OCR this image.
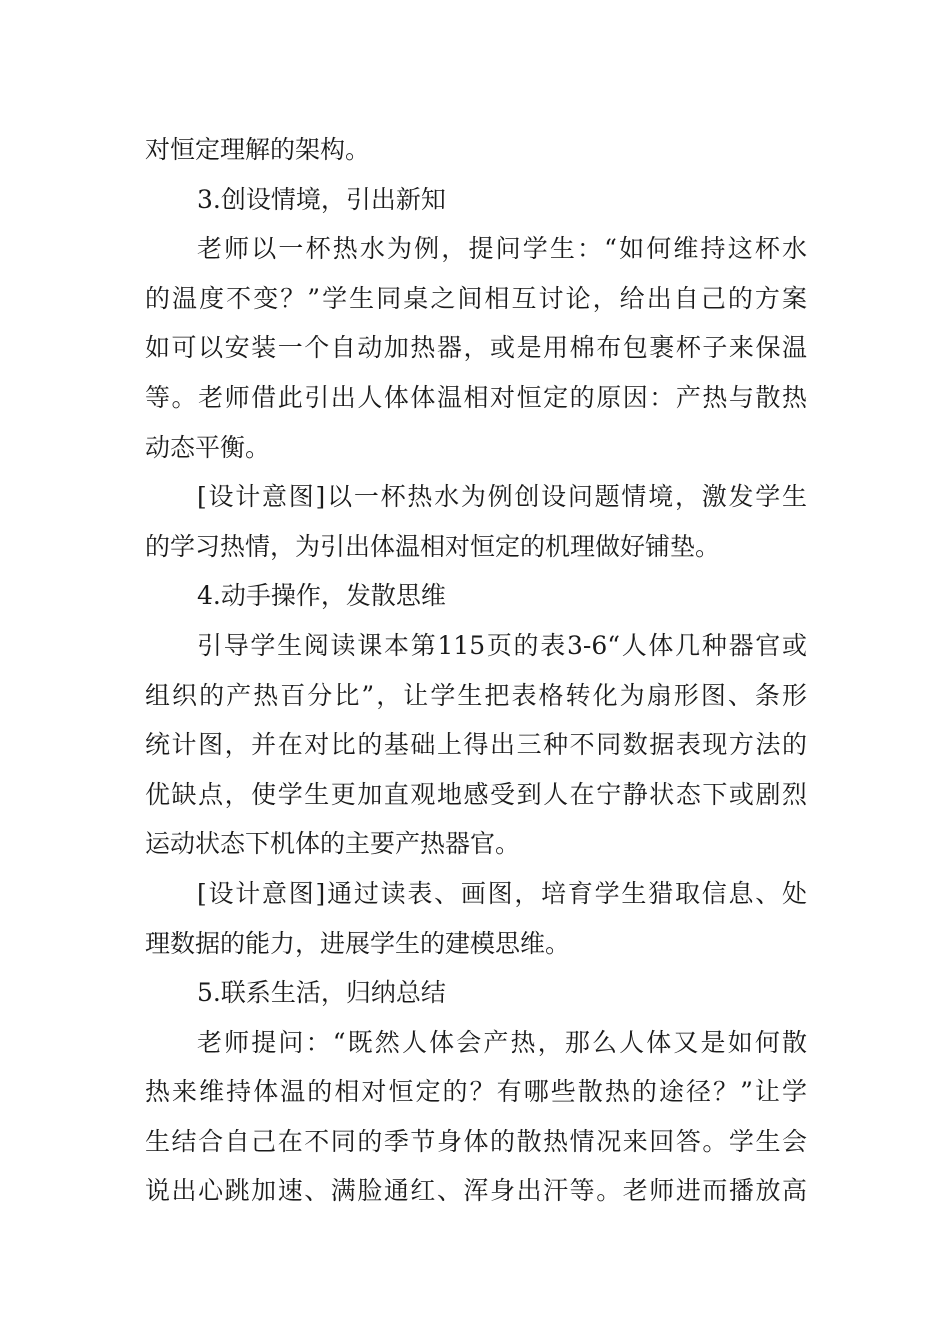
对恒定理解的架构。
3.创设情境，引出新知
老师以一杯热水为例，提问学生：“如何维持这杯水
的温度不变？”学生同桌之间相互讨论，给出自己的方案
如可以安装一个自动加热器，或是用棉布包裹杯子来保温
等。老师借此引出人体体温相对恒定的原因：产热与散热
动态平衡。
[设计意图]以一杯热水为例创设问题情境，激发学生
的学习热情，为引出体温相对恒定的机理做好铺垫。
4.动手操作，发散思维
引导学生阅读课本第115页的表3-6“人体几种器官或
组织的产热百分比”，让学生把表格转化为扇形图、条形
统计图，并在对比的基础上得出三种不同数据表现方法的
优缺点，使学生更加直观地感受到人在宁静状态下或剧烈
运动状态下机体的主要产热器官。
[设计意图]通过读表、画图，培育学生猎取信息、处
理数据的能力，进展学生的建模思维。
5.联系生活，归纳总结
老师提问：“既然人体会产热，那么人体又是如何散
热来维持体温的相对恒定的？有哪些散热的途径？”让学
生结合自己在不同的季节身体的散热情况来回答。学生会
说出心跳加速、满脸通红、浑身出汗等。老师进而播放高
